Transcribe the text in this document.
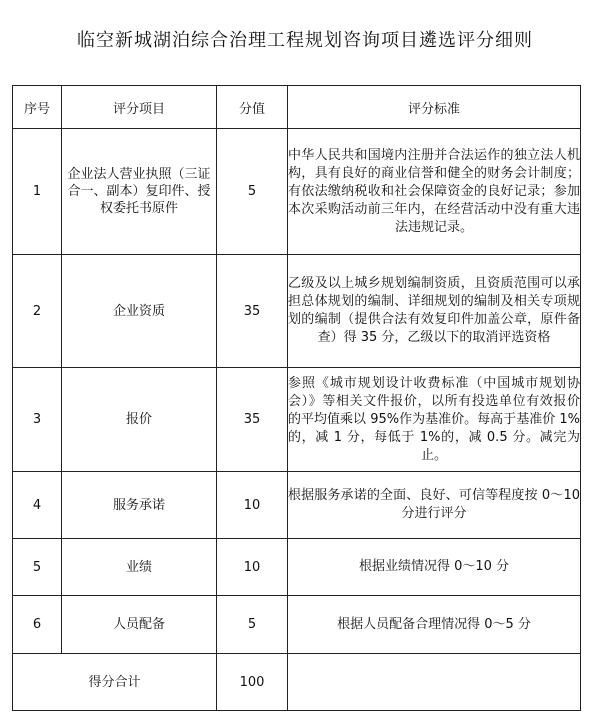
临空新城湖泊综合治理工程规划咨询项目遴选评分细则
序号	评分项目	分值	评分标准
1	企业法人营业执照（三证合一、副本）复印件、授权委托书原件	5	中华人民共和国境内注册并合法运作的独立法人机构，具有良好的商业信誉和健全的财务会计制度；有依法缴纳税收和社会保障资金的良好记录；参加本次采购活动前三年内，在经营活动中没有重大违法违规记录。

2	企业资质	35	乙级及以上城乡规划编制资质，且资质范围可以承担总体规划的编制、详细规划的编制及相关专项规划的编制（提供合法有效复印件加盖公章，原件备查）得 35 分，乙级以下的取消评选资格

3	报价	35	参照《城市规划设计收费标准（中国城市规划协会）》等相关文件报价，以所有投选单位有效报价的平均值乘以 95%作为基准价。每高于基准价 1%的，减 1 分，每低于 1%的，减 0.5 分。减完为止。

4	服务承诺	10	根据服务承诺的全面、良好、可信等程度按 0～10 分进行评分

5	业绩	10	根据业绩情况得 0～10 分

6	人员配备	5	根据人员配备合理情况得 0～5 分

得分合计		100	
